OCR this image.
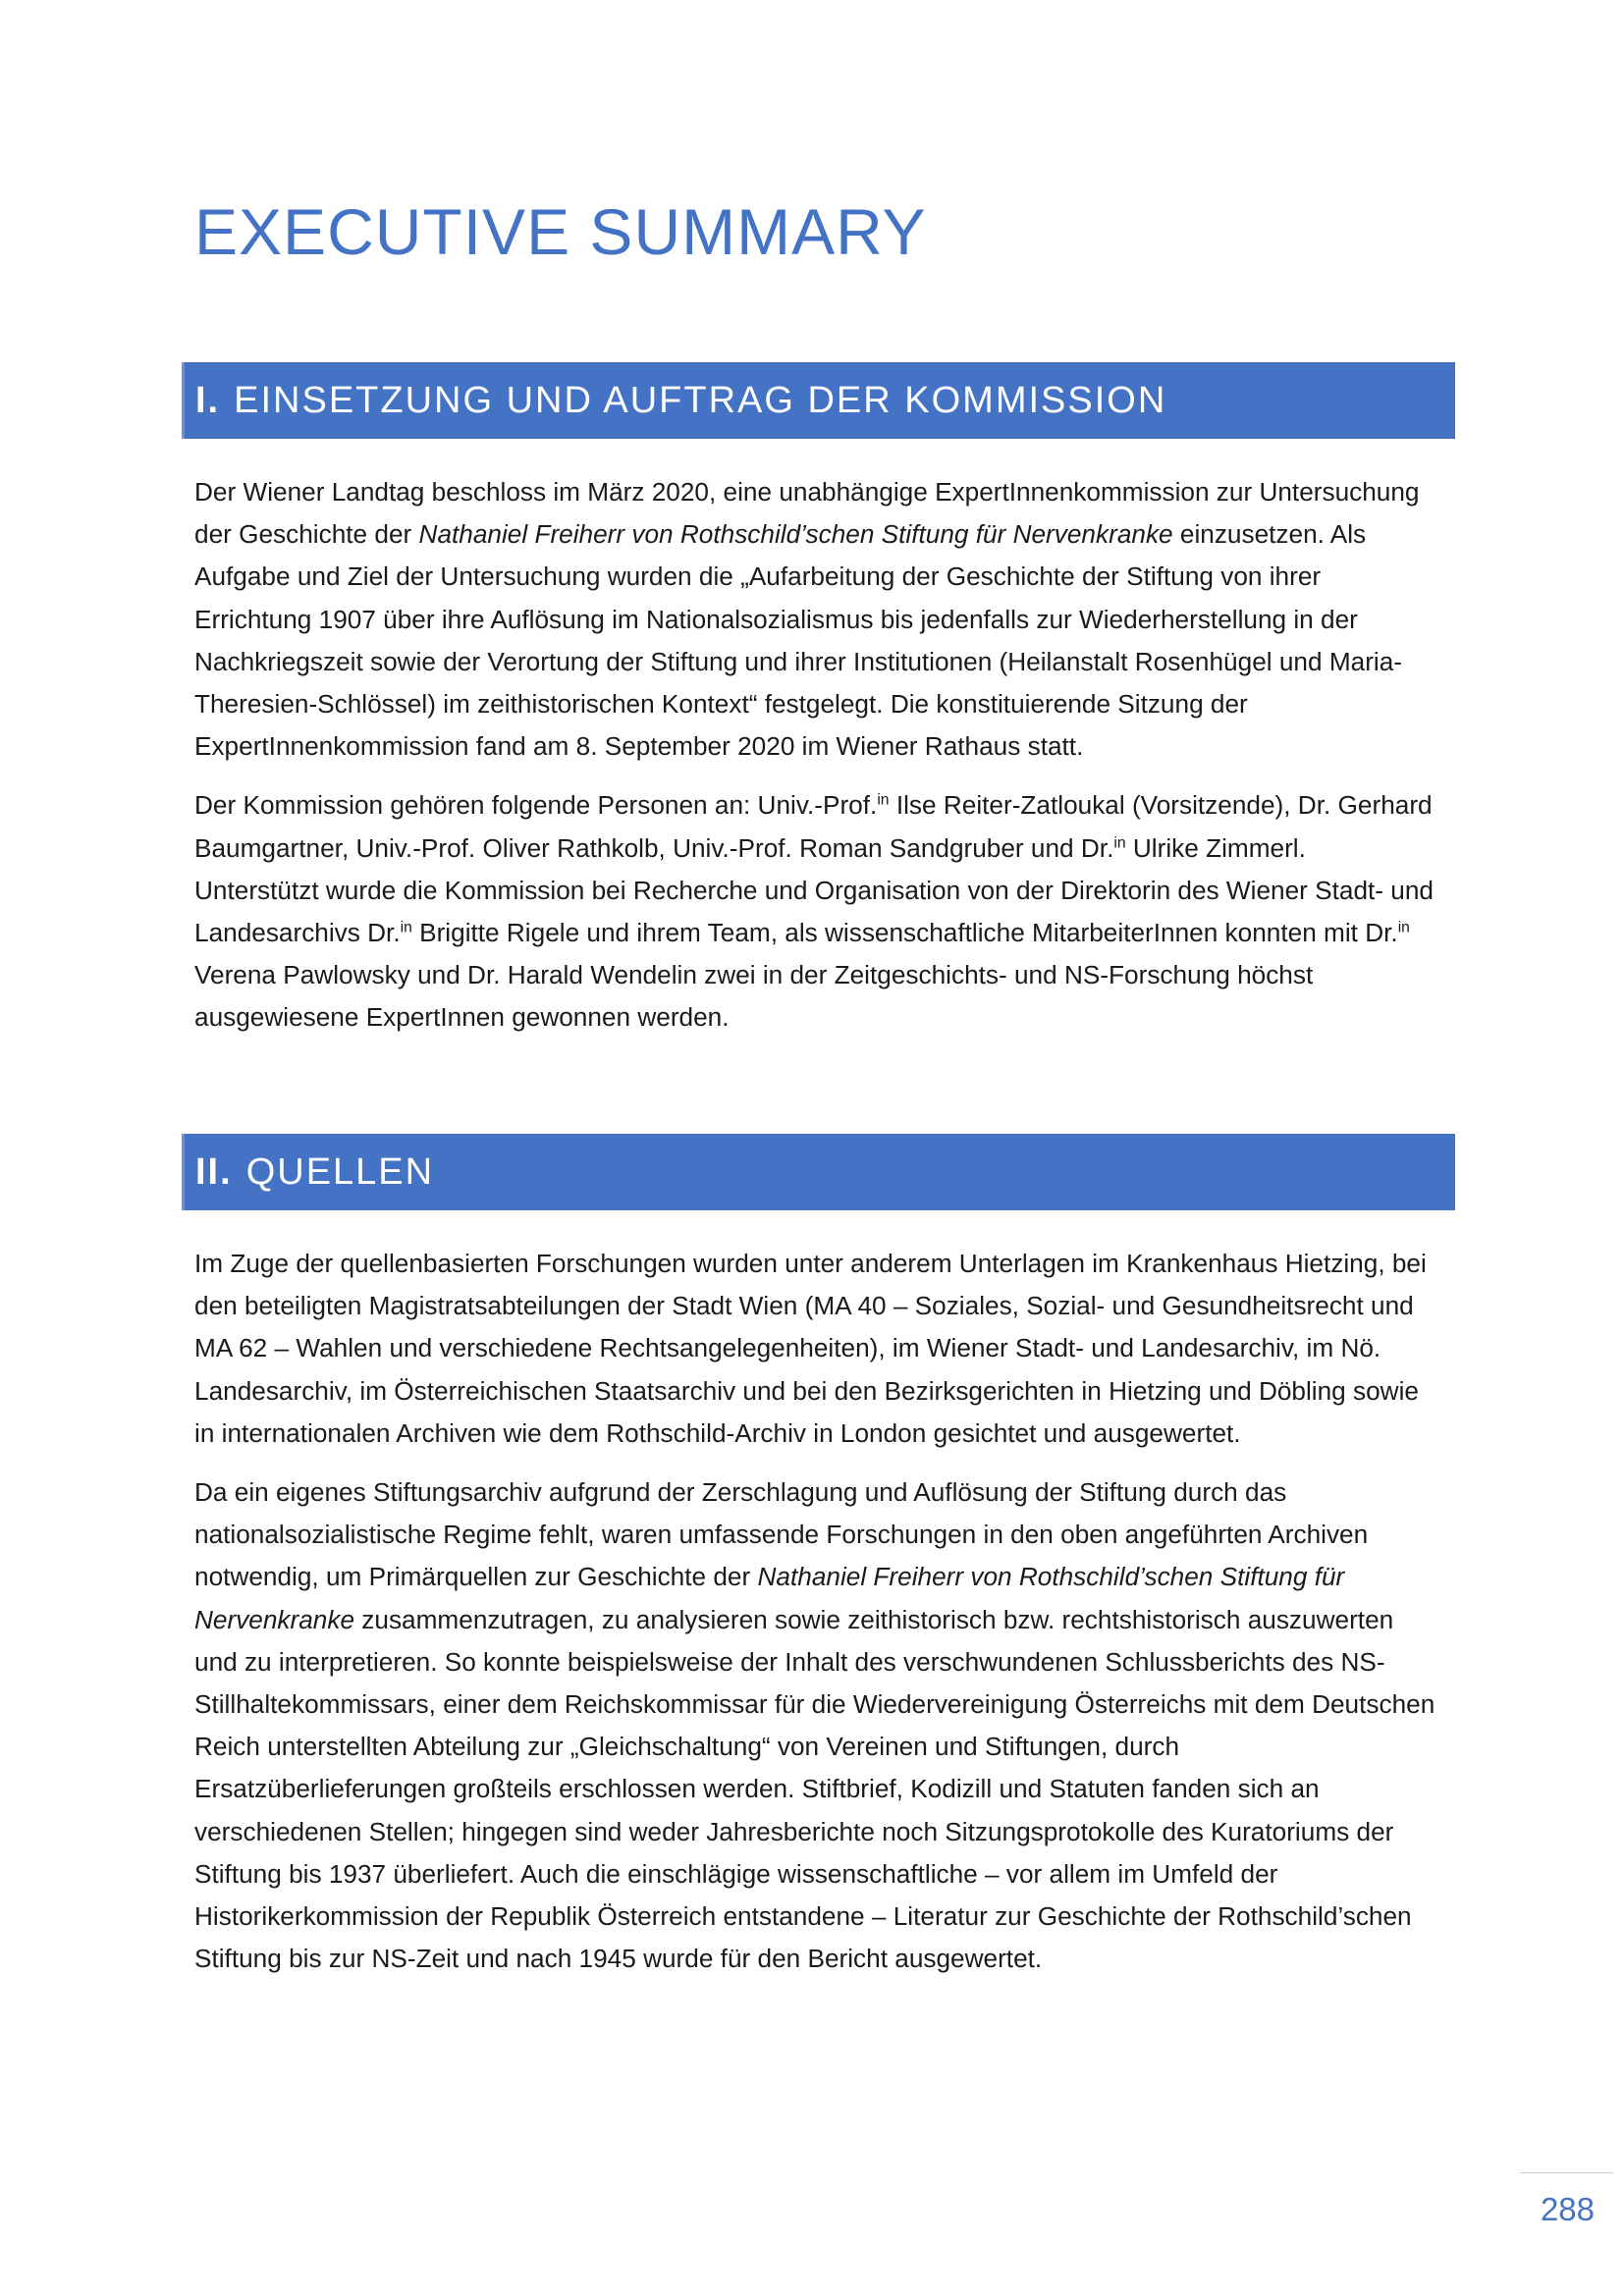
EXECUTIVE SUMMARY
I. EINSETZUNG UND AUFTRAG DER KOMMISSION

Der Wiener Landtag beschloss im März 2020, eine unabhängige ExpertInnenkommission zur Untersuchung der Geschichte der Nathaniel Freiherr von Rothschild’schen Stiftung für Nervenkranke einzusetzen. Als Aufgabe und Ziel der Untersuchung wurden die „Aufarbeitung der Geschichte der Stiftung von ihrer Errichtung 1907 über ihre Auflösung im Nationalsozialismus bis jedenfalls zur Wiederherstellung in der Nachkriegszeit sowie der Verortung der Stiftung und ihrer Institutionen (Heilanstalt Rosenhügel und Maria-Theresien-Schlössel) im zeithistorischen Kontext“ festgelegt. Die konstituierende Sitzung der ExpertInnenkommission fand am 8. September 2020 im Wiener Rathaus statt.

Der Kommission gehören folgende Personen an: Univ.-Prof.$^{in}$ Ilse Reiter-Zatloukal (Vorsitzende), Dr. Gerhard Baumgartner, Univ.-Prof. Oliver Rathkolb, Univ.-Prof. Roman Sandgruber und Dr.$^{in}$ Ulrike Zimmerl. Unterstützt wurde die Kommission bei Recherche und Organisation von der Direktorin des Wiener Stadt- und Landesarchivs Dr.$^{in}$ Brigitte Rigele und ihrem Team, als wissenschaftliche MitarbeiterInnen konnten mit Dr.$^{in}$ Verena Pawlowsky und Dr. Harald Wendelin zwei in der Zeitgeschichts- und NS-Forschung höchst ausgewiesene ExpertInnen gewonnen werden.

II. QUELLEN

Im Zuge der quellenbasierten Forschungen wurden unter anderem Unterlagen im Krankenhaus Hietzing, bei den beteiligten Magistratsabteilungen der Stadt Wien (MA 40 – Soziales, Sozial- und Gesundheitsrecht und MA 62 – Wahlen und verschiedene Rechtsangelegenheiten), im Wiener Stadt- und Landesarchiv, im Nö. Landesarchiv, im Österreichischen Staatsarchiv und bei den Bezirksgerichten in Hietzing und Döbling sowie in internationalen Archiven wie dem Rothschild-Archiv in London gesichtet und ausgewertet.

Da ein eigenes Stiftungsarchiv aufgrund der Zerschlagung und Auflösung der Stiftung durch das nationalsozialistische Regime fehlt, waren umfassende Forschungen in den oben angeführten Archiven notwendig, um Primärquellen zur Geschichte der Nathaniel Freiherr von Rothschild’schen Stiftung für Nervenkranke zusammenzutragen, zu analysieren sowie zeithistorisch bzw. rechtshistorisch auszuwerten und zu interpretieren. So konnte beispielsweise der Inhalt des verschwundenen Schlussberichts des NS-Stillhaltekommissars, einer dem Reichskommissar für die Wiedervereinigung Österreichs mit dem Deutschen Reich unterstellten Abteilung zur „Gleichschaltung“ von Vereinen und Stiftungen, durch Ersatzüberlieferungen großteils erschlossen werden. Stiftbrief, Kodizill und Statuten fanden sich an verschiedenen Stellen; hingegen sind weder Jahresberichte noch Sitzungsprotokolle des Kuratoriums der Stiftung bis 1937 überliefert. Auch die einschlägige wissenschaftliche – vor allem im Umfeld der Historikerkommission der Republik Österreich entstandene – Literatur zur Geschichte der Rothschild’schen Stiftung bis zur NS-Zeit und nach 1945 wurde für den Bericht ausgewertet.

288
